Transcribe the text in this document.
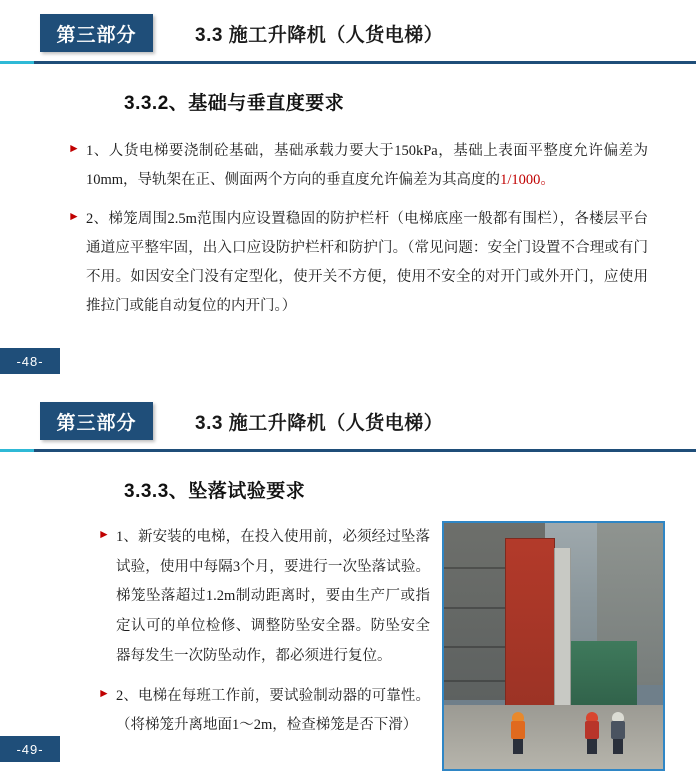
第三部分	3.3 施工升降机（人货电梯）
3.3.2、基础与垂直度要求
► 1、人货电梯要浇制砼基础，基础承载力要大于150kPa，基础上表面平整度允许偏差为10mm，导轨架在正、侧面两个方向的垂直度允许偏差为其高度的1/1000。
► 2、梯笼周围2.5m范围内应设置稳固的防护栏杆（电梯底座一般都有围栏），各楼层平台通道应平整牢固，出入口应设防护栏杆和防护门。（常见问题：安全门设置不合理或有门不用。如因安全门没有定型化，使开关不方便，使用不安全的对开门或外开门，应使用推拉门或能自动复位的内开门。）
-48-
第三部分	3.3 施工升降机（人货电梯）
3.3.3、坠落试验要求
► 1、新安装的电梯，在投入使用前，必须经过坠落试验，使用中每隔3个月，要进行一次坠落试验。梯笼坠落超过1.2m制动距离时，要由生产厂或指定认可的单位检修、调整防坠安全器。防坠安全器每发生一次防坠动作，都必须进行复位。
► 2、电梯在每班工作前，要试验制动器的可靠性。（将梯笼升离地面1～2m，检查梯笼是否下滑）
-49-
